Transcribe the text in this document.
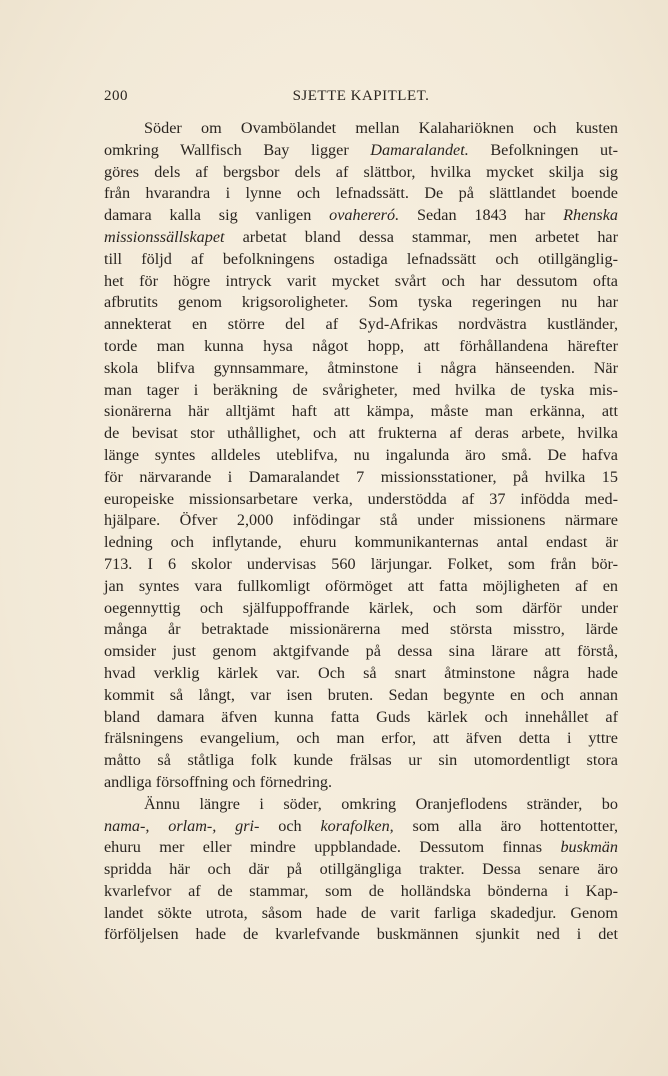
200	SJETTE KAPITLET.
Söder om Ovambölandet mellan Kalahariöknen och kusten
omkring Wallfisch Bay ligger Damaralandet. Befolkningen ut-
göres dels af bergsbor dels af slättbor, hvilka mycket skilja sig
från hvarandra i lynne och lefnadssätt. De på slättlandet boende
damara kalla sig vanligen ovahereró. Sedan 1843 har Rhenska
missionssällskapet arbetat bland dessa stammar, men arbetet har
till följd af befolkningens ostadiga lefnadssätt och otillgänglig-
het för högre intryck varit mycket svårt och har dessutom ofta
afbrutits genom krigsoroligheter. Som tyska regeringen nu har
annekterat en större del af Syd-Afrikas nordvästra kustländer,
torde man kunna hysa något hopp, att förhållandena härefter
skola blifva gynnsammare, åtminstone i några hänseenden. När
man tager i beräkning de svårigheter, med hvilka de tyska mis-
sionärerna här alltjämt haft att kämpa, måste man erkänna, att
de bevisat stor uthållighet, och att frukterna af deras arbete, hvilka
länge syntes alldeles uteblifva, nu ingalunda äro små. De hafva
för närvarande i Damaralandet 7 missionsstationer, på hvilka 15
europeiske missionsarbetare verka, understödda af 37 infödda med-
hjälpare. Öfver 2,000 infödingar stå under missionens närmare
ledning och inflytande, ehuru kommunikanternas antal endast är
713. I 6 skolor undervisas 560 lärjungar. Folket, som från bör-
jan syntes vara fullkomligt oförmöget att fatta möjligheten af en
oegennyttig och själfuppoffrande kärlek, och som därför under
många år betraktade missionärerna med största misstro, lärde
omsider just genom aktgifvande på dessa sina lärare att förstå,
hvad verklig kärlek var. Och så snart åtminstone några hade
kommit så långt, var isen bruten. Sedan begynte en och annan
bland damara äfven kunna fatta Guds kärlek och innehållet af
frälsningens evangelium, och man erfor, att äfven detta i yttre
måtto så ståtliga folk kunde frälsas ur sin utomordentligt stora
andliga försoffning och förnedring.
Ännu längre i söder, omkring Oranjeflodens stränder, bo
nama-, orlam-, gri- och korafolken, som alla äro hottentotter,
ehuru mer eller mindre uppblandade. Dessutom finnas buskmän
spridda här och där på otillgängliga trakter. Dessa senare äro
kvarlefvor af de stammar, som de holländska bönderna i Kap-
landet sökte utrota, såsom hade de varit farliga skadedjur. Genom
förföljelsen hade de kvarlefvande buskmännen sjunkit ned i det
